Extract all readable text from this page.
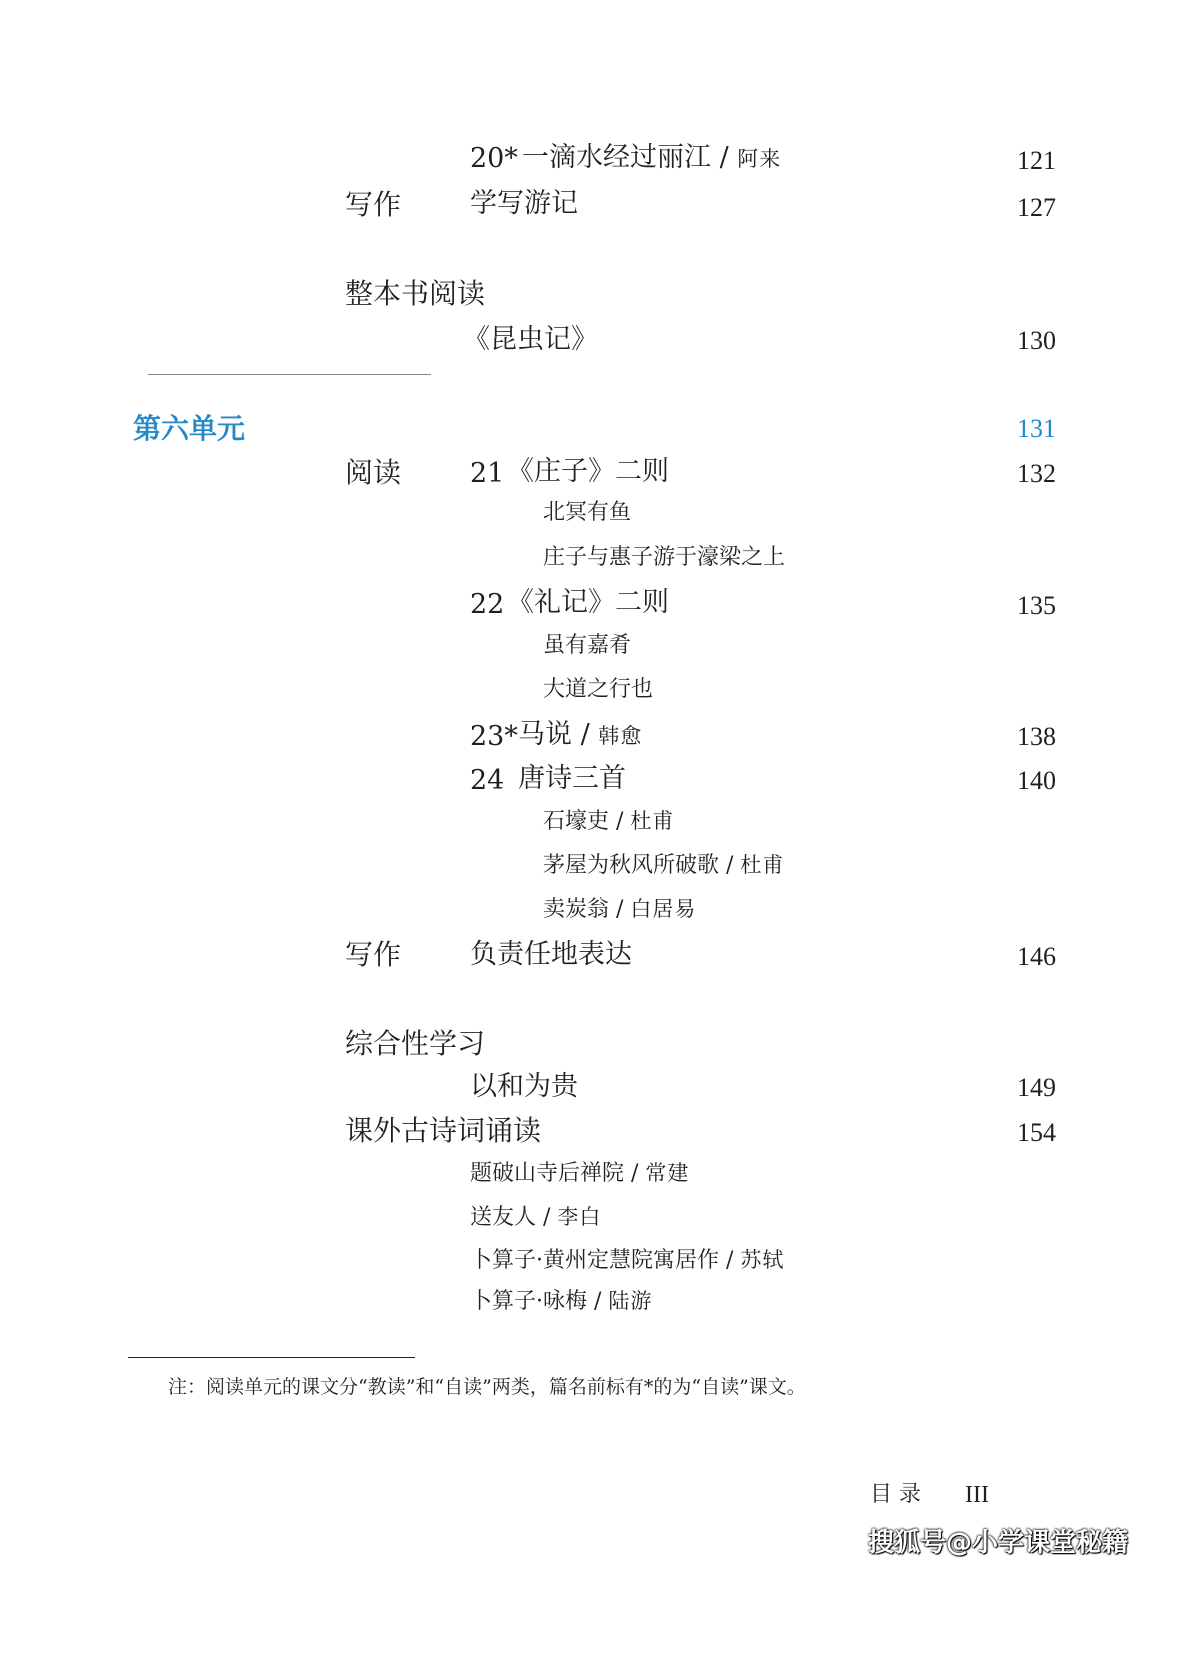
20* 一滴水经过丽江 / 阿来	121
写作	学写游记	127
整本书阅读
《昆虫记》	130
第六单元	131
阅读	21 《庄子》二则	132
北冥有鱼
庄子与惠子游于濠梁之上
22 《礼记》二则	135
虽有嘉肴
大道之行也
23* 马说 / 韩愈	138
24 唐诗三首	140
石壕吏 / 杜甫
茅屋为秋风所破歌 / 杜甫
卖炭翁 / 白居易
写作	负责任地表达	146
综合性学习
以和为贵	149
课外古诗词诵读	154
题破山寺后禅院 / 常建
送友人 / 李白
卜算子·黄州定慧院寓居作 / 苏轼
卜算子·咏梅 / 陆游
注：阅读单元的课文分“教读”和“自读”两类，篇名前标有*的为“自读”课文。
目 录 III
搜狐号@小学课堂秘籍
